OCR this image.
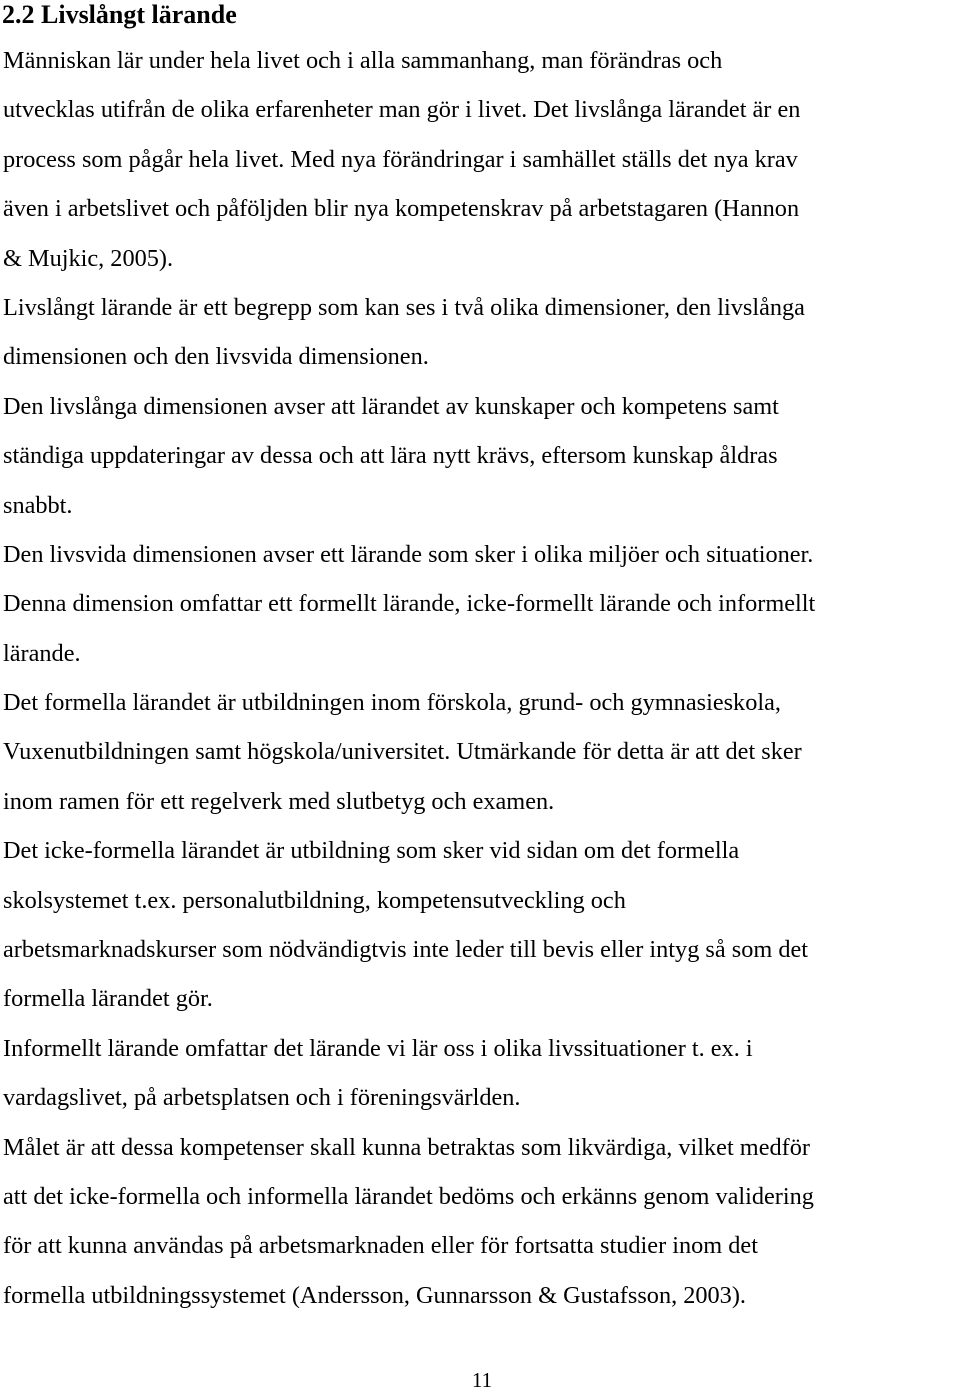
2.2 Livslångt lärande
Människan lär under hela livet och i alla sammanhang, man förändras och
utvecklas utifrån de olika erfarenheter man gör i livet. Det livslånga lärandet är en
process som pågår hela livet. Med nya förändringar i samhället ställs det nya krav
även i arbetslivet och påföljden blir nya kompetenskrav på arbetstagaren (Hannon
& Mujkic, 2005).
Livslångt lärande är ett begrepp som kan ses i två olika dimensioner, den livslånga
dimensionen och den livsvida dimensionen.
Den livslånga dimensionen avser att lärandet av kunskaper och kompetens samt
ständiga uppdateringar av dessa och att lära nytt krävs, eftersom kunskap åldras
snabbt.
Den livsvida dimensionen avser ett lärande som sker i olika miljöer och situationer.
Denna dimension omfattar ett formellt lärande, icke-formellt lärande och informellt
lärande.
Det formella lärandet är utbildningen inom förskola, grund- och gymnasieskola,
Vuxenutbildningen samt högskola/universitet. Utmärkande för detta är att det sker
inom ramen för ett regelverk med slutbetyg och examen.
Det icke-formella lärandet är utbildning som sker vid sidan om det formella
skolsystemet t.ex. personalutbildning, kompetensutveckling och
arbetsmarknadskurser som nödvändigtvis inte leder till bevis eller intyg så som det
formella lärandet gör.
Informellt lärande omfattar det lärande vi lär oss i olika livssituationer t. ex. i
vardagslivet, på arbetsplatsen och i föreningsvärlden.
Målet är att dessa kompetenser skall kunna betraktas som likvärdiga, vilket medför
att det icke-formella och informella lärandet bedöms och erkänns genom validering
för att kunna användas på arbetsmarknaden eller för fortsatta studier inom det
formella utbildningssystemet (Andersson, Gunnarsson & Gustafsson, 2003).
11
